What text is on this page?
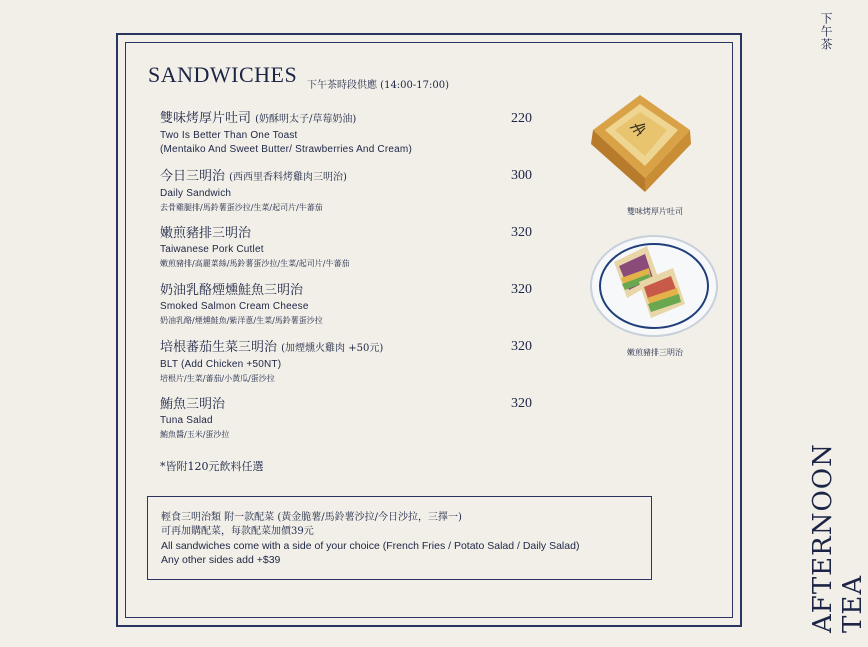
下午茶
AFTERNOON TEA
SANDWICHES 下午茶時段供應 (14:00-17:00)
雙味烤厚片吐司 (奶酥明太子/草莓奶油)
Two Is Better Than One Toast
(Mentaiko And Sweet Butter/ Strawberries And Cream)
220
今日三明治 (西西里香料烤雞肉三明治)
Daily Sandwich
去骨雞腿排/馬鈴薯蛋沙拉/生菜/起司片/牛蕃茄
300
嫩煎豬排三明治
Taiwanese Pork Cutlet
嫩煎豬排/高麗菜絲/馬鈴薯蛋沙拉/生菜/起司片/牛蕃茄
320
奶油乳酪煙燻鮭魚三明治
Smoked Salmon Cream Cheese
奶油乳酪/煙燻鮭魚/紫洋蔥/生菜/馬鈴薯蛋沙拉
320
培根蕃茄生菜三明治 (加煙燻火雞肉 +50元)
BLT (Add Chicken +50NT)
培根片/生菜/蕃茄/小黃瓜/蛋沙拉
320
鮪魚三明治
Tuna Salad
鮪魚醬/玉米/蛋沙拉
320
*皆附120元飲料任選
輕食三明治類 附一款配菜 (黃金脆薯/馬鈴薯沙拉/今日沙拉，三擇一)
可再加購配菜，每款配菜加價39元
All sandwiches come with a side of your choice (French Fries / Potato Salad / Daily Salad)
Any other sides add +$39
雙味烤厚片吐司
嫩煎豬排三明治
